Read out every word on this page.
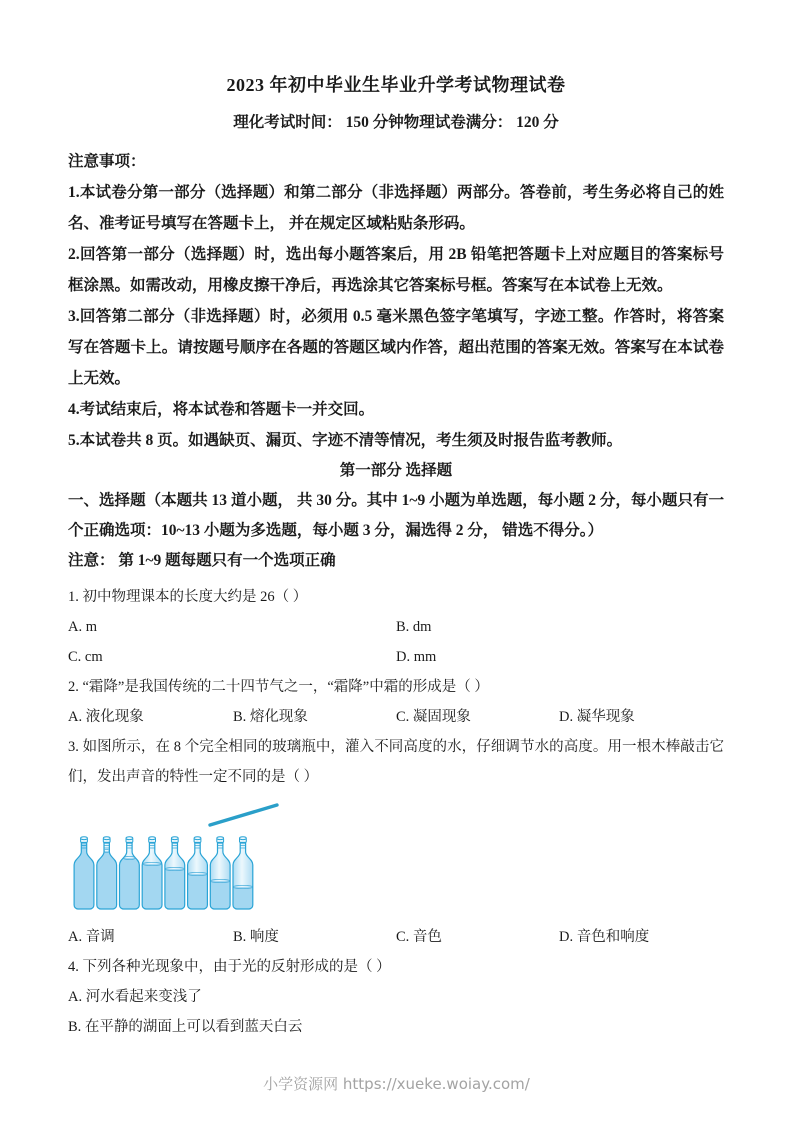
2023 年初中毕业生毕业升学考试物理试卷
理化考试时间： 150 分钟物理试卷满分： 120 分

注意事项：

1.本试卷分第一部分（选择题）和第二部分（非选择题）两部分。答卷前，考生务必将自己的姓名、准考证号填写在答题卡上， 并在规定区域粘贴条形码。

2.回答第一部分（选择题）时，选出每小题答案后，用 2B 铅笔把答题卡上对应题目的答案标号框涂黑。如需改动，用橡皮擦干净后，再选涂其它答案标号框。答案写在本试卷上无效。

3.回答第二部分（非选择题）时，必须用 0.5 毫米黑色签字笔填写，字迹工整。作答时，将答案写在答题卡上。请按题号顺序在各题的答题区域内作答，超出范围的答案无效。答案写在本试卷上无效。

4.考试结束后，将本试卷和答题卡一并交回。

5.本试卷共 8 页。如遇缺页、漏页、字迹不清等情况，考生须及时报告监考教师。

第一部分 选择题

一、选择题（本题共 13 道小题， 共 30 分。其中 1~9 小题为单选题，每小题 2 分，每小题只有一个正确选项：10~13 小题为多选题，每小题 3 分，漏选得 2 分， 错选不得分。）

注意： 第 1~9 题每题只有一个选项正确
1. 初中物理课本的长度大约是 26（ ）
A. m	B. dm
C. cm	D. mm
2. “霜降”是我国传统的二十四节气之一，“霜降”中霜的形成是（ ）
A. 液化现象	B. 熔化现象	C. 凝固现象	D. 凝华现象
3. 如图所示，在 8 个完全相同的玻璃瓶中，灌入不同高度的水，仔细调节水的高度。用一根木棒敲击它们，发出声音的特性一定不同的是（ ）
A. 音调	B. 响度	C. 音色	D. 音色和响度
4. 下列各种光现象中，由于光的反射形成的是（ ）
A. 河水看起来变浅了
B. 在平静的湖面上可以看到蓝天白云
小学资源网 https://xueke.woiay.com/
